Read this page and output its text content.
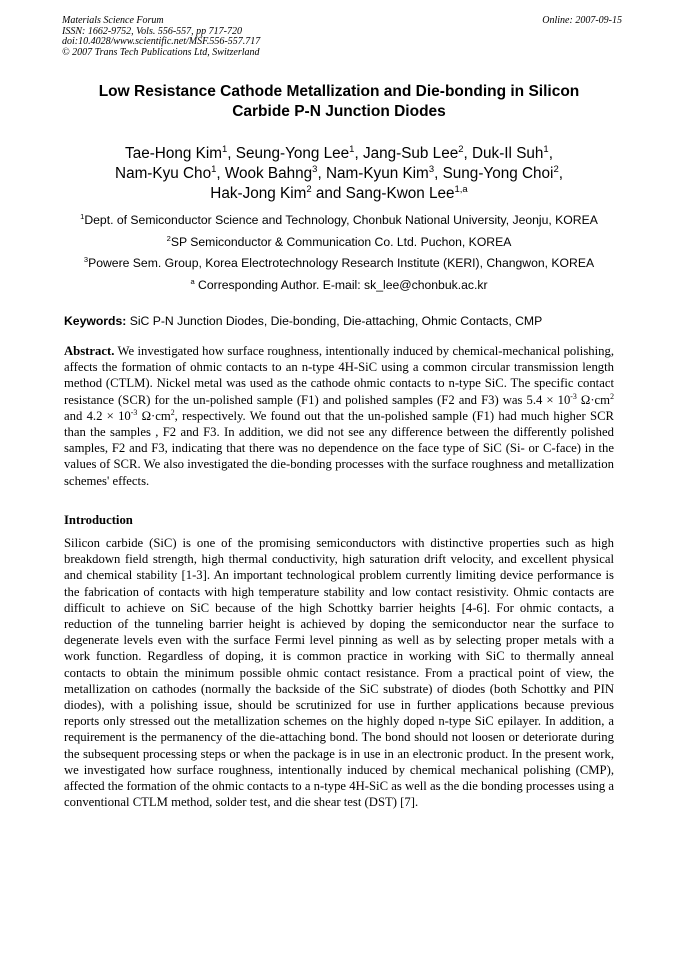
Materials Science Forum
ISSN: 1662-9752, Vols. 556-557, pp 717-720
doi:10.4028/www.scientific.net/MSF.556-557.717
© 2007 Trans Tech Publications Ltd, Switzerland
Online: 2007-09-15
Low Resistance Cathode Metallization and Die-bonding in Silicon
Carbide P-N Junction Diodes
Tae-Hong Kim$^1$, Seung-Yong Lee$^1$, Jang-Sub Lee$^2$, Duk-Il Suh$^1$,
Nam-Kyu Cho$^1$, Wook Bahng$^3$, Nam-Kyun Kim$^3$, Sung-Yong Choi$^2$,
Hak-Jong Kim$^2$ and Sang-Kwon Lee$^{1,a}$
$^1$Dept. of Semiconductor Science and Technology, Chonbuk National University, Jeonju, KOREA
$^2$SP Semiconductor & Communication Co. Ltd. Puchon, KOREA
$^3$Powere Sem. Group, Korea Electrotechnology Research Institute (KERI), Changwon, KOREA
$^a$ Corresponding Author. E-mail: sk_lee@chonbuk.ac.kr
Keywords: SiC P-N Junction Diodes, Die-bonding, Die-attaching, Ohmic Contacts, CMP
Abstract. We investigated how surface roughness, intentionally induced by chemical-mechanical polishing, affects the formation of ohmic contacts to an n-type 4H-SiC using a common circular transmission length method (CTLM). Nickel metal was used as the cathode ohmic contacts to n-type SiC. The specific contact resistance (SCR) for the un-polished sample (F1) and polished samples (F2 and F3) was $5.4 \times 10^{-3}$ $\Omega\cdot cm^2$ and $4.2 \times 10^{-3}$ $\Omega\cdot cm^2$, respectively. We found out that the un-polished sample (F1) had much higher SCR than the samples , F2 and F3. In addition, we did not see any difference between the differently polished samples, F2 and F3, indicating that there was no dependence on the face type of SiC (Si- or C-face) in the values of SCR. We also investigated the die-bonding processes with the surface roughness and metallization schemes' effects.
Introduction
Silicon carbide (SiC) is one of the promising semiconductors with distinctive properties such as high breakdown field strength, high thermal conductivity, high saturation drift velocity, and excellent physical and chemical stability [1-3]. An important technological problem currently limiting device performance is the fabrication of contacts with high temperature stability and low contact resistivity. Ohmic contacts are difficult to achieve on SiC because of the high Schottky barrier heights [4-6]. For ohmic contacts, a reduction of the tunneling barrier height is achieved by doping the semiconductor near the surface to degenerate levels even with the surface Fermi level pinning as well as by selecting proper metals with a work function. Regardless of doping, it is common practice in working with SiC to thermally anneal contacts to obtain the minimum possible ohmic contact resistance. From a practical point of view, the metallization on cathodes (normally the backside of the SiC substrate) of diodes (both Schottky and PIN diodes), with a polishing issue, should be scrutinized for use in further applications because previous reports only stressed out the metallization schemes on the highly doped n-type SiC epilayer. In addition, a requirement is the permanency of the die-attaching bond. The bond should not loosen or deteriorate during the subsequent processing steps or when the package is in use in an electronic product. In the present work, we investigated how surface roughness, intentionally induced by chemical mechanical polishing (CMP), affected the formation of the ohmic contacts to a n-type 4H-SiC as well as the die bonding processes using a conventional CTLM method, solder test, and die shear test (DST) [7].
